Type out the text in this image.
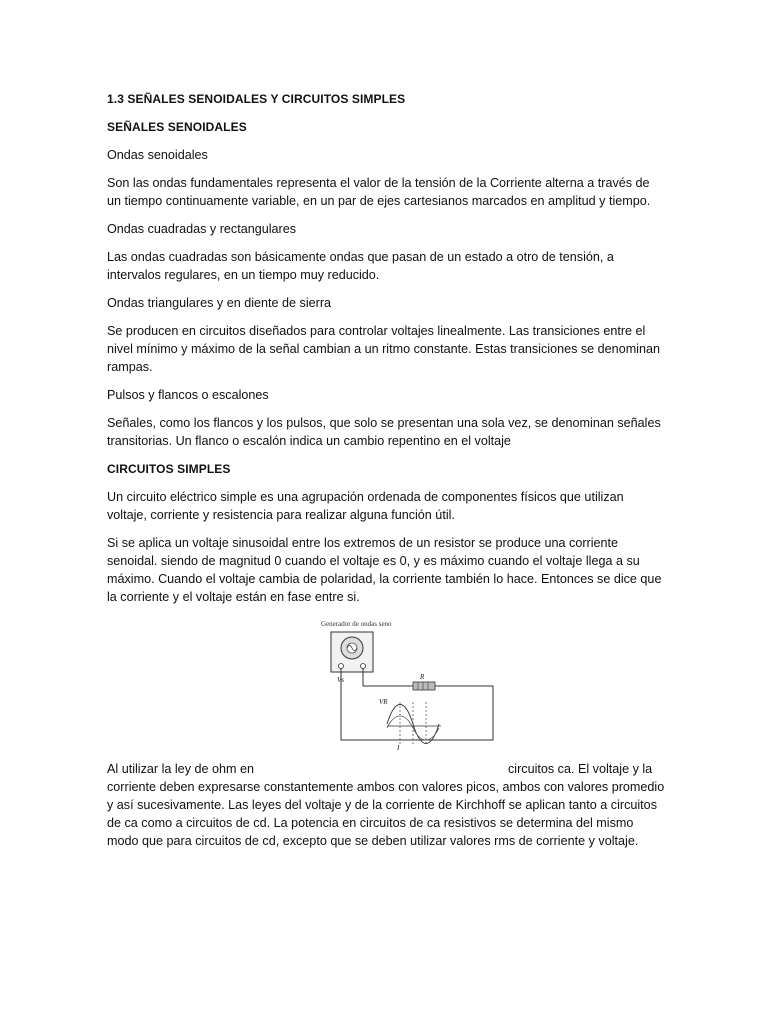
1.3 SEÑALES SENOIDALES Y CIRCUITOS SIMPLES
SEÑALES SENOIDALES
Ondas senoidales
Son las ondas fundamentales representa el valor de la tensión de la Corriente alterna a través de un tiempo continuamente variable, en un par de ejes cartesianos marcados en amplitud y tiempo.
Ondas cuadradas y rectangulares
Las ondas cuadradas son básicamente ondas que pasan de un estado a otro de tensión, a intervalos regulares, en un tiempo muy reducido.
Ondas triangulares y en diente de sierra
Se producen en circuitos diseñados para controlar voltajes linealmente. Las transiciones entre el nivel mínimo y máximo de la señal cambian a un ritmo constante. Estas transiciones se denominan rampas.
Pulsos y flancos o escalones
Señales, como los flancos y los pulsos, que solo se presentan una sola vez, se denominan señales transitorias. Un flanco o escalón indica un cambio repentino en el voltaje
CIRCUITOS SIMPLES
Un circuito eléctrico simple es una agrupación ordenada de componentes físicos que utilizan voltaje, corriente y resistencia para realizar alguna función útil.
Si se aplica un voltaje sinusoidal entre los extremos de un resistor se produce una corriente senoidal. siendo de magnitud 0 cuando el voltaje es 0, y es máximo cuando el voltaje llega a su máximo. Cuando el voltaje cambia de polaridad, la corriente también lo hace. Entonces se dice que la corriente y el voltaje están en fase entre si.
Generador de ondas seno
Vs	R
VR
I
Al utilizar la ley de ohm en	circuitos ca. El voltaje y la corriente deben expresarse constantemente ambos con valores picos, ambos con valores promedio y así sucesivamente. Las leyes del voltaje y de la corriente de Kirchhoff se aplican tanto a circuitos de ca como a circuitos de cd. La potencia en circuitos de ca resistivos se determina del mismo modo que para circuitos de cd, excepto que se deben utilizar valores rms de corriente y voltaje.
